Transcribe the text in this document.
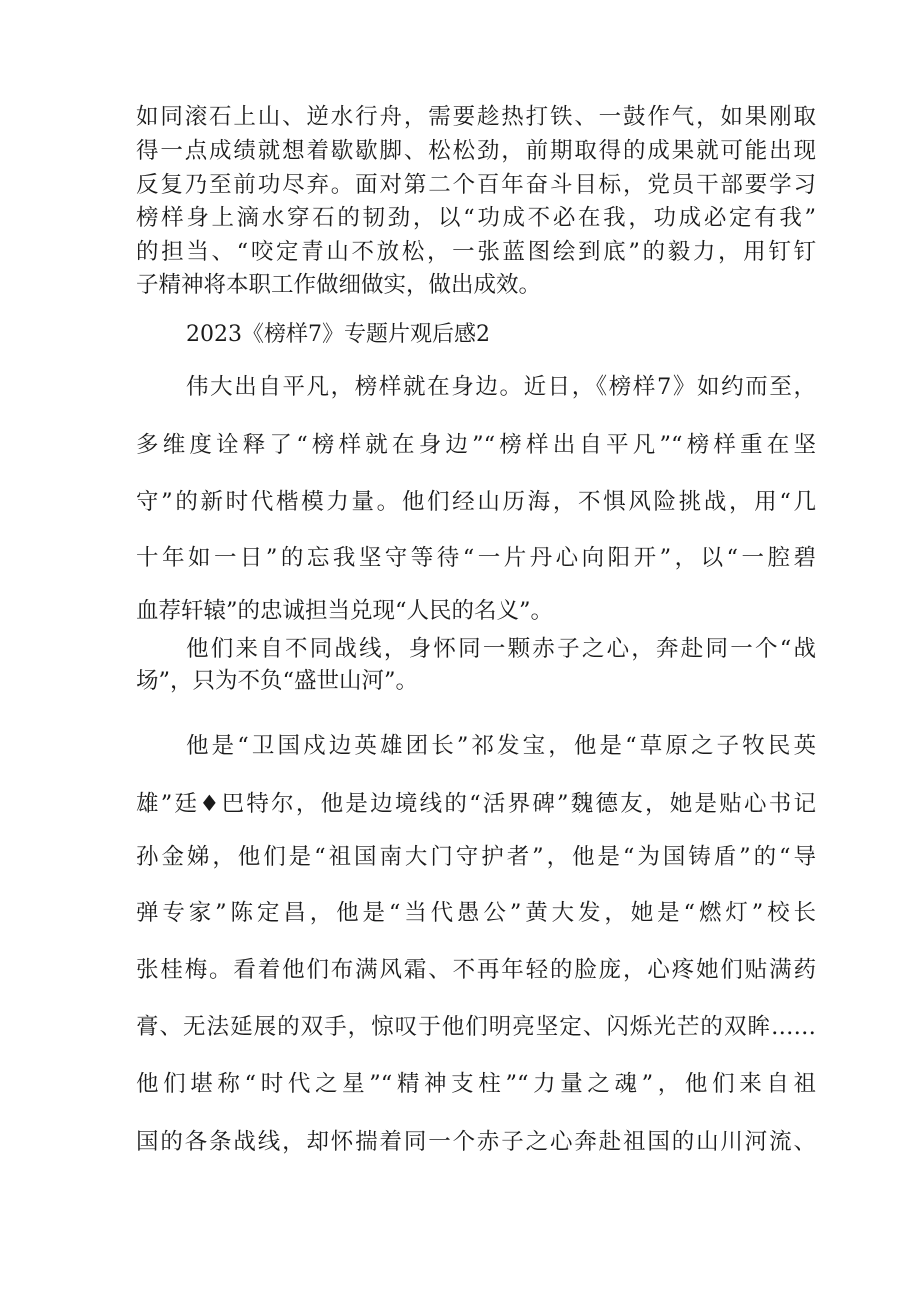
如同滚石上山、逆水行舟，需要趁热打铁、一鼓作气，如果刚取
得一点成绩就想着歇歇脚、松松劲，前期取得的成果就可能出现
反复乃至前功尽弃。面对第二个百年奋斗目标，党员干部要学习
榜样身上滴水穿石的韧劲，以“功成不必在我，功成必定有我”
的担当、“咬定青山不放松，一张蓝图绘到底”的毅力，用钉钉
子精神将本职工作做细做实，做出成效。
2023《榜样7》专题片观后感2
伟大出自平凡，榜样就在身边。近日，《榜样7》如约而至，
多维度诠释了“榜样就在身边”“榜样出自平凡”“榜样重在坚
守”的新时代楷模力量。他们经山历海，不惧风险挑战，用“几
十年如一日”的忘我坚守等待“一片丹心向阳开”，以“一腔碧
血荐轩辕”的忠诚担当兑现“人民的名义”。
他们来自不同战线，身怀同一颗赤子之心，奔赴同一个“战
场”，只为不负“盛世山河”。
他是“卫国戍边英雄团长”祁发宝，他是“草原之子牧民英
雄”廷♦巴特尔，他是边境线的“活界碑”魏德友，她是贴心书记
孙金娣，他们是“祖国南大门守护者”，他是“为国铸盾”的“导
弹专家”陈定昌，他是“当代愚公”黄大发，她是“燃灯”校长
张桂梅。看着他们布满风霜、不再年轻的脸庞，心疼她们贴满药
膏、无法延展的双手，惊叹于他们明亮坚定、闪烁光芒的双眸……
他们堪称“时代之星”“精神支柱”“力量之魂”，他们来自祖
国的各条战线，却怀揣着同一个赤子之心奔赴祖国的山川河流、
